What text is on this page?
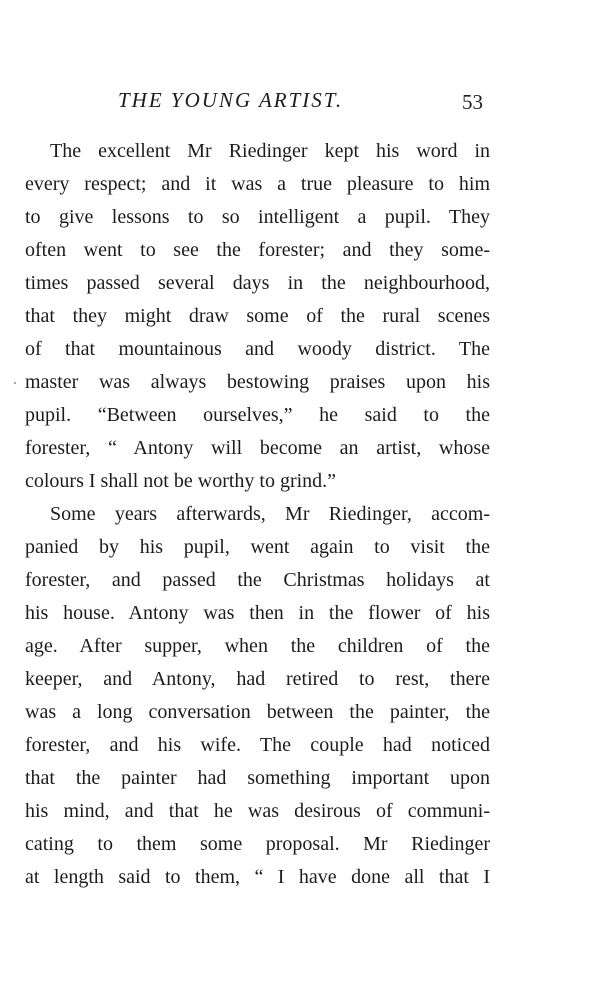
THE YOUNG ARTIST.	53
The excellent Mr Riedinger kept his word in
every respect; and it was a true pleasure to him
to give lessons to so intelligent a pupil. They
often went to see the forester; and they some-
times passed several days in the neighbourhood,
that they might draw some of the rural scenes
of that mountainous and woody district. The
master was always bestowing praises upon his
pupil. “Between ourselves,” he said to the
forester, “ Antony will become an artist, whose
colours I shall not be worthy to grind.”
Some years afterwards, Mr Riedinger, accom-
panied by his pupil, went again to visit the
forester, and passed the Christmas holidays at
his house. Antony was then in the flower of his
age. After supper, when the children of the
keeper, and Antony, had retired to rest, there
was a long conversation between the painter, the
forester, and his wife. The couple had noticed
that the painter had something important upon
his mind, and that he was desirous of communi-
cating to them some proposal. Mr Riedinger
at length said to them, “ I have done all that I
